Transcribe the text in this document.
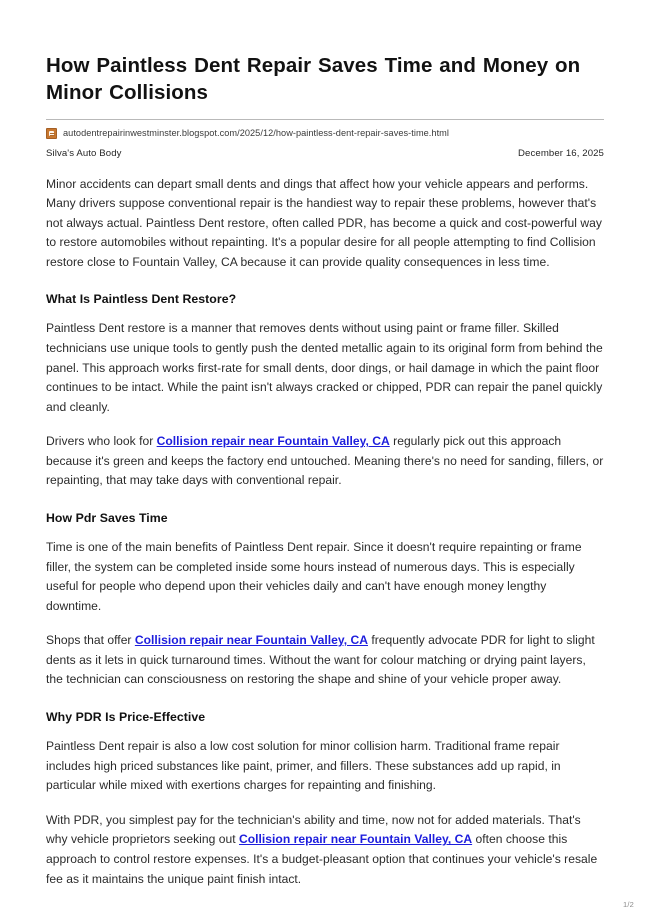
How Paintless Dent Repair Saves Time and Money on Minor Collisions
autodentrepairinwestminster.blogspot.com/2025/12/how-paintless-dent-repair-saves-time.html
Silva's Auto Body	December 16, 2025

Minor accidents can depart small dents and dings that affect how your vehicle appears and performs. Many drivers suppose conventional repair is the handiest way to repair these problems, however that's not always actual. Paintless Dent restore, often called PDR, has become a quick and cost-powerful way to restore automobiles without repainting. It's a popular desire for all people attempting to find Collision restore close to Fountain Valley, CA because it can provide quality consequences in less time.

What Is Paintless Dent Restore?

Paintless Dent restore is a manner that removes dents without using paint or frame filler. Skilled technicians use unique tools to gently push the dented metallic again to its original form from behind the panel. This approach works first-rate for small dents, door dings, or hail damage in which the paint floor continues to be intact. While the paint isn't always cracked or chipped, PDR can repair the panel quickly and cleanly.

Drivers who look for Collision repair near Fountain Valley, CA regularly pick out this approach because it's green and keeps the factory end untouched. Meaning there's no need for sanding, fillers, or repainting, that may take days with conventional repair.

How Pdr Saves Time

Time is one of the main benefits of Paintless Dent repair. Since it doesn't require repainting or frame filler, the system can be completed inside some hours instead of numerous days. This is especially useful for people who depend upon their vehicles daily and can't have enough money lengthy downtime.

Shops that offer Collision repair near Fountain Valley, CA frequently advocate PDR for light to slight dents as it lets in quick turnaround times. Without the want for colour matching or drying paint layers, the technician can consciousness on restoring the shape and shine of your vehicle proper away.

Why PDR Is Price-Effective

Paintless Dent repair is also a low cost solution for minor collision harm. Traditional frame repair includes high priced substances like paint, primer, and fillers. These substances add up rapid, in particular while mixed with exertions charges for repainting and finishing.

With PDR, you simplest pay for the technician's ability and time, now not for added materials. That's why vehicle proprietors seeking out Collision repair near Fountain Valley, CA often choose this approach to control restore expenses. It's a budget-pleasant option that continues your vehicle's resale fee as it maintains the unique paint finish intact.

1/2
